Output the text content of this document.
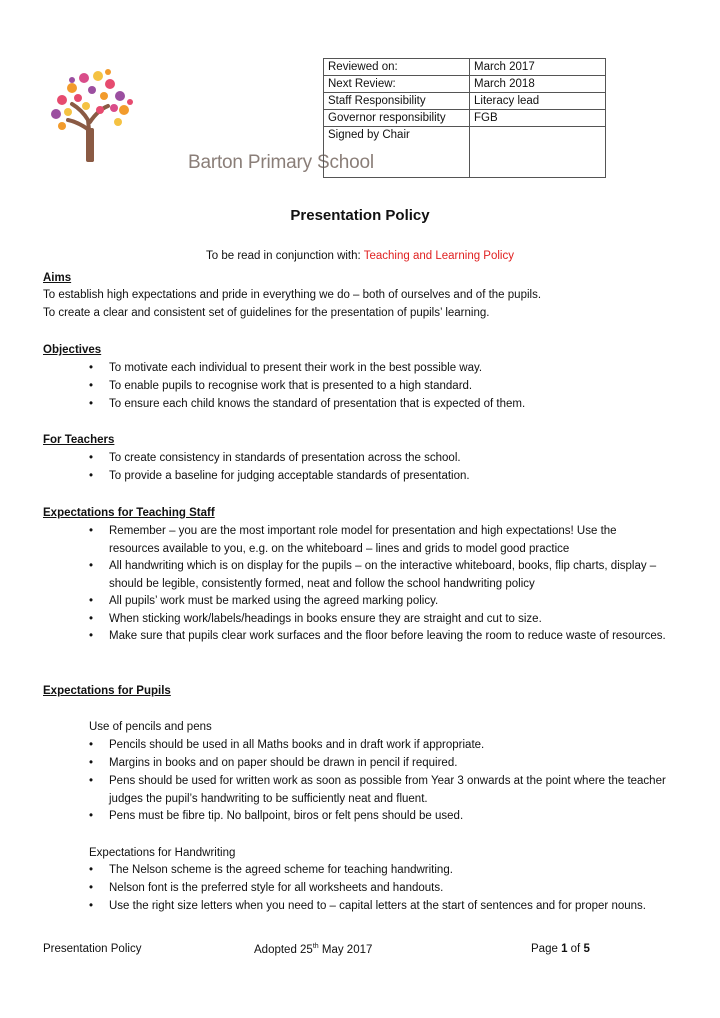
Barton Primary School
Reviewed on:	March 2017
Next Review:	March 2018
Staff Responsibility	Literacy lead
Governor responsibility	FGB
Signed by Chair	
Presentation Policy
To be read in conjunction with: Teaching and Learning Policy
Aims
To establish high expectations and pride in everything we do – both of ourselves and of the pupils.
To create a clear and consistent set of guidelines for the presentation of pupils’ learning.
Objectives
• To motivate each individual to present their work in the best possible way.
• To enable pupils to recognise work that is presented to a high standard.
• To ensure each child knows the standard of presentation that is expected of them.
For Teachers
• To create consistency in standards of presentation across the school.
• To provide a baseline for judging acceptable standards of presentation.
Expectations for Teaching Staff
• Remember – you are the most important role model for presentation and high expectations! Use the resources available to you, e.g. on the whiteboard – lines and grids to model good practice
• All handwriting which is on display for the pupils – on the interactive whiteboard, books, flip charts, display – should be legible, consistently formed, neat and follow the school handwriting policy
• All pupils’ work must be marked using the agreed marking policy.
• When sticking work/labels/headings in books ensure they are straight and cut to size.
• Make sure that pupils clear work surfaces and the floor before leaving the room to reduce waste of resources.
Expectations for Pupils
Use of pencils and pens
• Pencils should be used in all Maths books and in draft work if appropriate.
• Margins in books and on paper should be drawn in pencil if required.
• Pens should be used for written work as soon as possible from Year 3 onwards at the point where the teacher judges the pupil’s handwriting to be sufficiently neat and fluent.
• Pens must be fibre tip. No ballpoint, biros or felt pens should be used.
Expectations for Handwriting
• The Nelson scheme is the agreed scheme for teaching handwriting.
• Nelson font is the preferred style for all worksheets and handouts.
• Use the right size letters when you need to – capital letters at the start of sentences and for proper nouns.
Presentation Policy	Adopted 25th May 2017	Page 1 of 5
